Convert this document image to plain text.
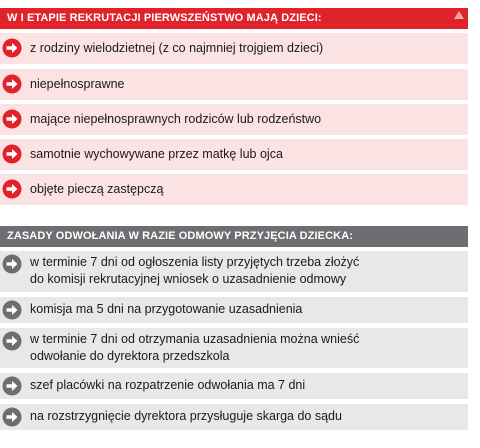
W I ETAPIE REKRUTACJI PIERWSZEŃSTWO MAJĄ DZIECI:
z rodziny wielodzietnej (z co najmniej trojgiem dzieci)
niepełnosprawne
mające niepełnosprawnych rodziców lub rodzeństwo
samotnie wychowywane przez matkę lub ojca
objęte pieczą zastępczą
ZASADY ODWOŁANIA W RAZIE ODMOWY PRZYJĘCIA DZIECKA:
w terminie 7 dni od ogłoszenia listy przyjętych trzeba złożyć
do komisji rekrutacyjnej wniosek o uzasadnienie odmowy
komisja ma 5 dni na przygotowanie uzasadnienia
w terminie 7 dni od otrzymania uzasadnienia można wnieść
odwołanie do dyrektora przedszkola
szef placówki na rozpatrzenie odwołania ma 7 dni
na rozstrzygnięcie dyrektora przysługuje skarga do sądu
